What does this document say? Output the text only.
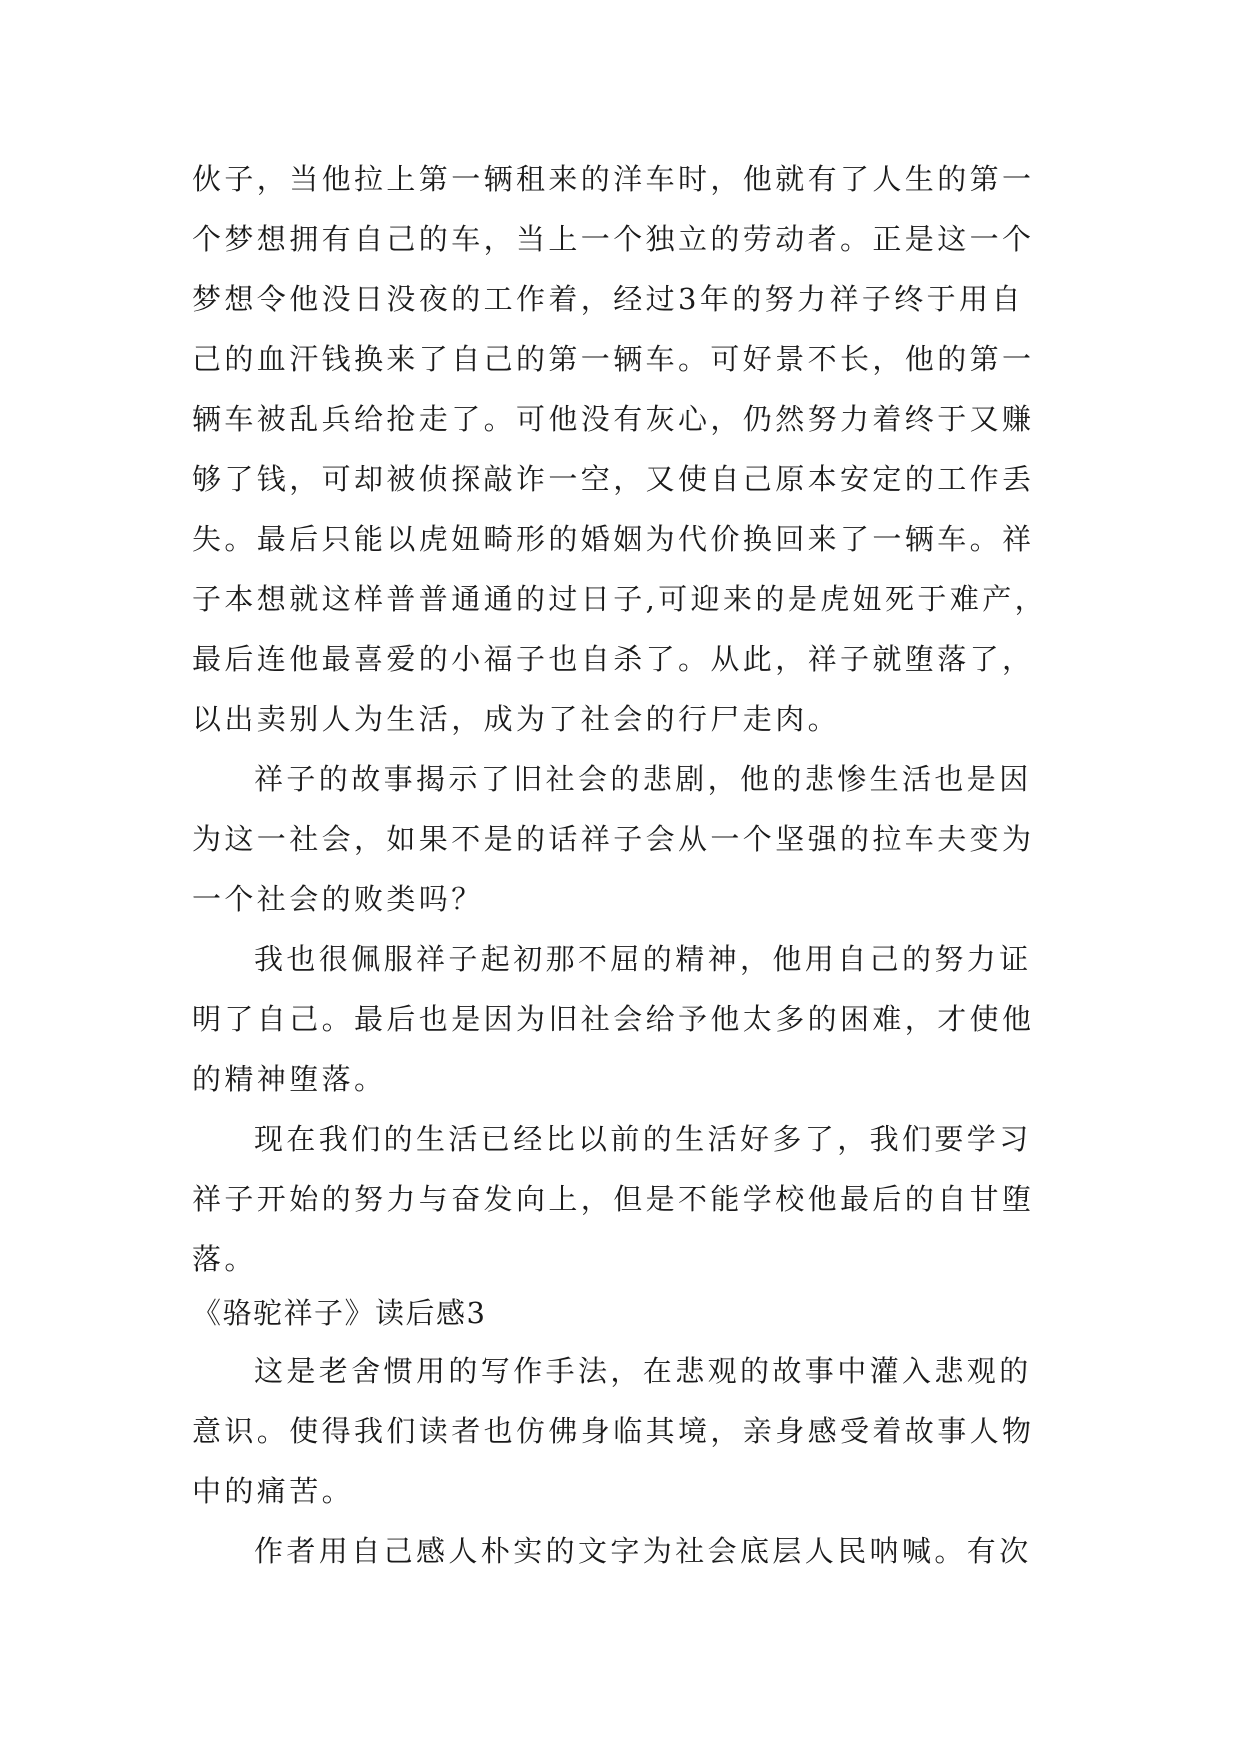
伙子，当他拉上第一辆租来的洋车时，他就有了人生的第一
个梦想拥有自己的车，当上一个独立的劳动者。正是这一个
梦想令他没日没夜的工作着，经过3年的努力祥子终于用自
己的血汗钱换来了自己的第一辆车。可好景不长，他的第一
辆车被乱兵给抢走了。可他没有灰心，仍然努力着终于又赚
够了钱，可却被侦探敲诈一空，又使自己原本安定的工作丢
失。最后只能以虎妞畸形的婚姻为代价换回来了一辆车。祥
子本想就这样普普通通的过日子,可迎来的是虎妞死于难产，
最后连他最喜爱的小福子也自杀了。从此，祥子就堕落了，
以出卖别人为生活，成为了社会的行尸走肉。
祥子的故事揭示了旧社会的悲剧，他的悲惨生活也是因
为这一社会，如果不是的话祥子会从一个坚强的拉车夫变为
一个社会的败类吗？
我也很佩服祥子起初那不屈的精神，他用自己的努力证
明了自己。最后也是因为旧社会给予他太多的困难，才使他
的精神堕落。
现在我们的生活已经比以前的生活好多了，我们要学习
祥子开始的努力与奋发向上，但是不能学校他最后的自甘堕
落。
《骆驼祥子》读后感3
这是老舍惯用的写作手法，在悲观的故事中灌入悲观的
意识。使得我们读者也仿佛身临其境，亲身感受着故事人物
中的痛苦。
作者用自己感人朴实的文字为社会底层人民呐喊。有次
